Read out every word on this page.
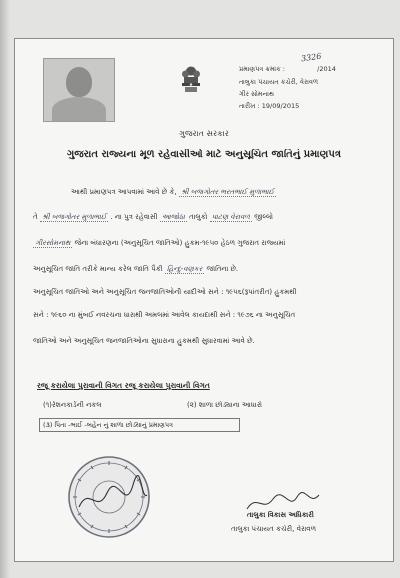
પ્રમાણપત્ર ક્રમાંક :	/2014
3326
તાલુકા પંચાયત કચેરી, વેરાવળ
ગીર સોમનાથ
તારીખ : 19/09/2015
ગુજરાત સરકાર
ગુજરાત રાજ્યના મૂળ રહેવાસીઓ માટે અનુસૂચિત જાતિનું પ્રમાણપત્ર
આથી પ્રમાણપત્ર આપવામાં આવે છે કે, શ્રી બજગોતર ભરતભાઈ મુળાભાઈ
તે શ્રી બજગોતર મુળાભાઈ . ના પુત્ર રહેવાસી આજોઠા તાલુકો પાટણ વેરાવળ જીલ્લો
ગીરસોમનાથ જેના બંધારણના (અનુસૂચિત જાતિઓ) હુકમ-૧૯૫૦ હેઠળ ગુજરાત રાજ્યમાં
અનુસૂચિત જાતિ તરીકે માન્ય કરેલ જાતિ પૈકી હિન્દુ-વણકર જાતિના છે.
અનુસૂચિત જાતિઓ અને અનુસૂચિત જનજાતિઓની યાદીઓ સને : ૧૯૫૬(રૂપાંતરીત) હુકમથી
સને : ૧૯૬૦ ના મુંબઈ નવરચના ધારાથી અમલમાં આવેલ કાયદાથી સને : ૧૯૭૬ ના અનુસૂચિત
જાતિઓ અને અનુસૂચિત જનજાતિઓના સુધારાના હુકમથી સુધારવામાં આવે છે.
રજૂ કરાયેલા પુરાવાની વિગત રજૂ કરાયેલા પુરાવાની વિગત
(૧)રેશનકાર્ડની નકલ	(૨) શાળા છોડ્યાના આધારો
(૩) પિતા -ભાઈ -બહેન નું શાળા છોડ્યાનું પ્રમાણપત્ર
તાલુકા વિકાસ અધિકારી
તાલુકા પંચાયત કચેરી, વેરાવળ
